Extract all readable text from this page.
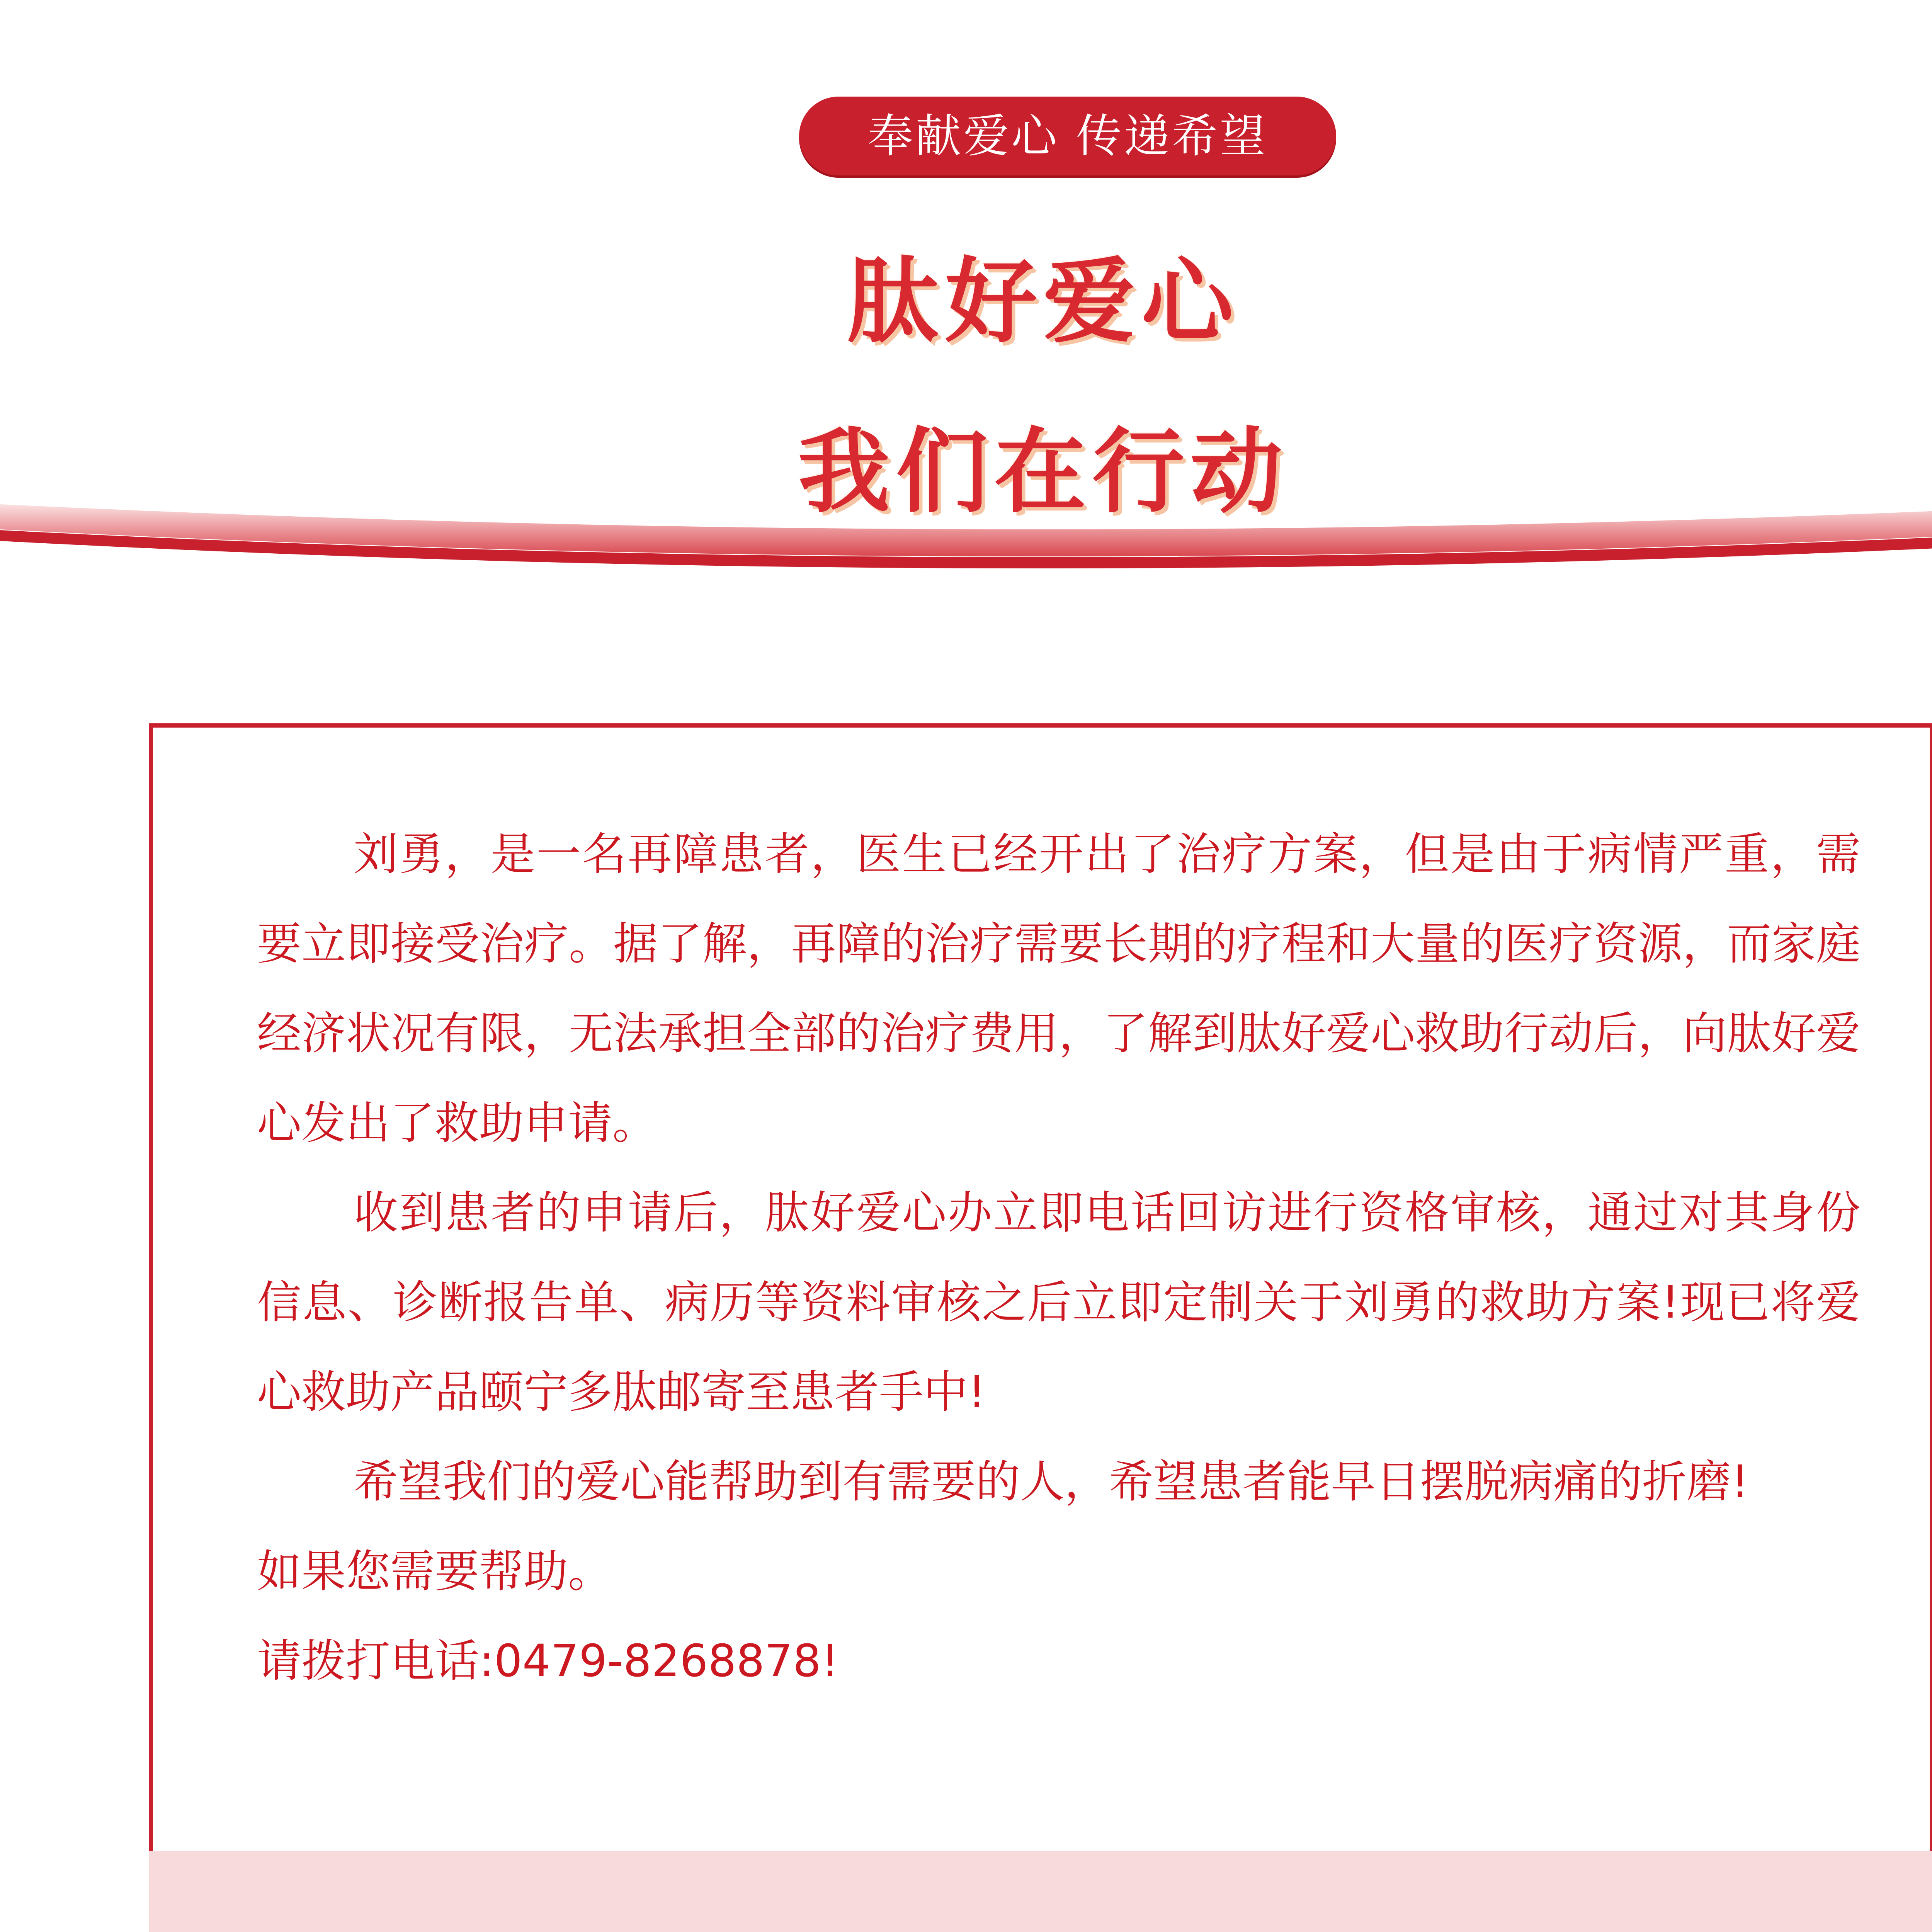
奉献爱心 传递希望
肽好爱心
我们在行动

刘勇，是一名再障患者，医生已经开出了治疗方案，但是由于病情严重，需要立即接受治疗。据了解，再障的治疗需要长期的疗程和大量的医疗资源，而家庭经济状况有限，无法承担全部的治疗费用，了解到肽好爱心救助行动后，向肽好爱心发出了救助申请。

收到患者的申请后，肽好爱心办立即电话回访进行资格审核，通过对其身份信息、诊断报告单、病历等资料审核之后立即定制关于刘勇的救助方案!现已将爱心救助产品颐宁多肽邮寄至患者手中!

希望我们的爱心能帮助到有需要的人，希望患者能早日摆脱病痛的折磨!

如果您需要帮助。

请拨打电话:0479-8268878!
